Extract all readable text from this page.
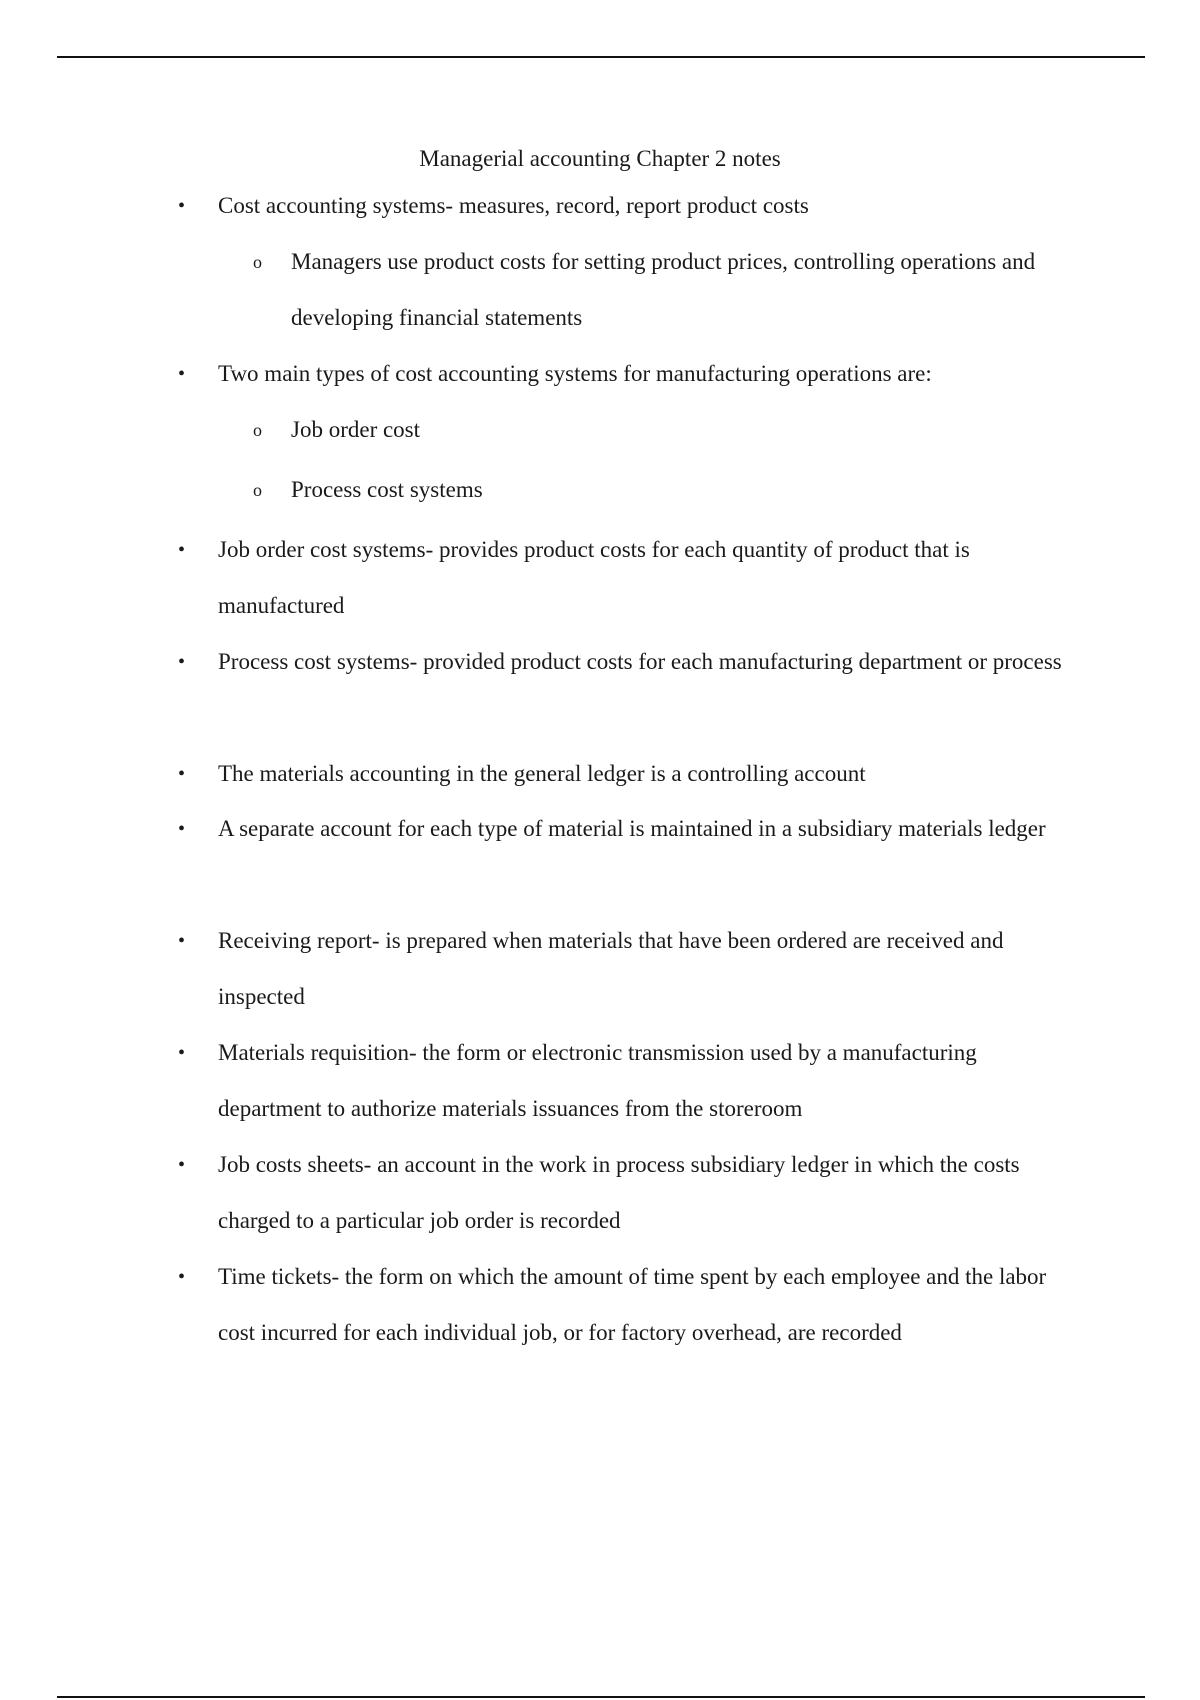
Managerial accounting Chapter 2 notes
• Cost accounting systems- measures, record, report product costs
o Managers use product costs for setting product prices, controlling operations and developing financial statements
• Two main types of cost accounting systems for manufacturing operations are:
o Job order cost
o Process cost systems
• Job order cost systems- provides product costs for each quantity of product that is manufactured
• Process cost systems- provided product costs for each manufacturing department or process
• The materials accounting in the general ledger is a controlling account
• A separate account for each type of material is maintained in a subsidiary materials ledger
• Receiving report- is prepared when materials that have been ordered are received and inspected
• Materials requisition- the form or electronic transmission used by a manufacturing department to authorize materials issuances from the storeroom
• Job costs sheets- an account in the work in process subsidiary ledger in which the costs charged to a particular job order is recorded
• Time tickets- the form on which the amount of time spent by each employee and the labor cost incurred for each individual job, or for factory overhead, are recorded
